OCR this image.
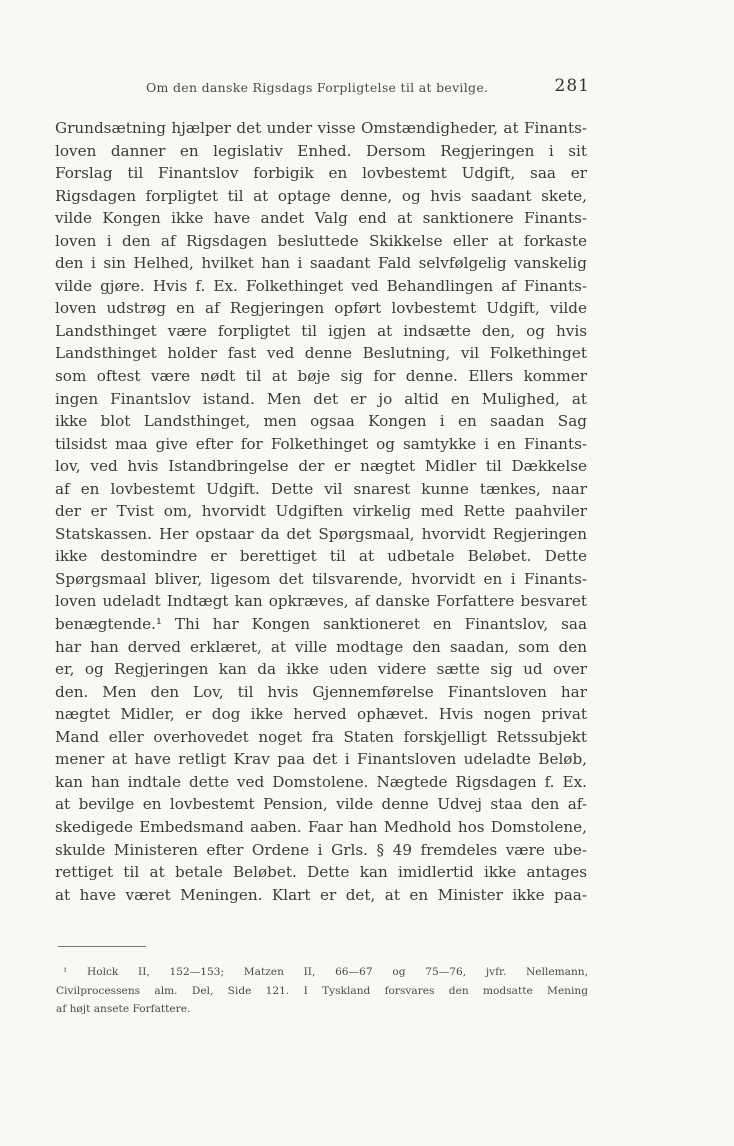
Om den danske Rigsdags Forpligtelse til at bevilge.	281
Grundsætning hjælper det under visse Omstændigheder, at Finants-
loven danner en legislativ Enhed. Dersom Regjeringen i sit
Forslag til Finantslov forbigik en lovbestemt Udgift, saa er
Rigsdagen forpligtet til at optage denne, og hvis saadant skete,
vilde Kongen ikke have andet Valg end at sanktionere Finants-
loven i den af Rigsdagen besluttede Skikkelse eller at forkaste
den i sin Helhed, hvilket han i saadant Fald selvfølgelig vanskelig
vilde gjøre. Hvis f. Ex. Folkethinget ved Behandlingen af Finants-
loven udstrøg en af Regjeringen opført lovbestemt Udgift, vilde
Landsthinget være forpligtet til igjen at indsætte den, og hvis
Landsthinget holder fast ved denne Beslutning, vil Folkethinget
som oftest være nødt til at bøje sig for denne. Ellers kommer
ingen Finantslov istand. Men det er jo altid en Mulighed, at
ikke blot Landsthinget, men ogsaa Kongen i en saadan Sag
tilsidst maa give efter for Folkethinget og samtykke i en Finants-
lov, ved hvis Istandbringelse der er nægtet Midler til Dækkelse
af en lovbestemt Udgift. Dette vil snarest kunne tænkes, naar
der er Tvist om, hvorvidt Udgiften virkelig med Rette paahviler
Statskassen. Her opstaar da det Spørgsmaal, hvorvidt Regjeringen
ikke destomindre er berettiget til at udbetale Beløbet. Dette
Spørgsmaal bliver, ligesom det tilsvarende, hvorvidt en i Finants-
loven udeladt Indtægt kan opkræves, af danske Forfattere besvaret
benægtende.¹ Thi har Kongen sanktioneret en Finantslov, saa
har han derved erklæret, at ville modtage den saadan, som den
er, og Regjeringen kan da ikke uden videre sætte sig ud over
den. Men den Lov, til hvis Gjennemførelse Finantsloven har
nægtet Midler, er dog ikke herved ophævet. Hvis nogen privat
Mand eller overhovedet noget fra Staten forskjelligt Retssubjekt
mener at have retligt Krav paa det i Finantsloven udeladte Beløb,
kan han indtale dette ved Domstolene. Nægtede Rigsdagen f. Ex.
at bevilge en lovbestemt Pension, vilde denne Udvej staa den af-
skedigede Embedsmand aaben. Faar han Medhold hos Domstolene,
skulde Ministeren efter Ordene i Grls. § 49 fremdeles være ube-
rettiget til at betale Beløbet. Dette kan imidlertid ikke antages
at have været Meningen. Klart er det, at en Minister ikke paa-
¹ Holck II, 152—153; Matzen II, 66—67 og 75—76, jvfr. Nellemann,
Civilprocessens alm. Del, Side 121. I Tyskland forsvares den modsatte Mening
af højt ansete Forfattere.
